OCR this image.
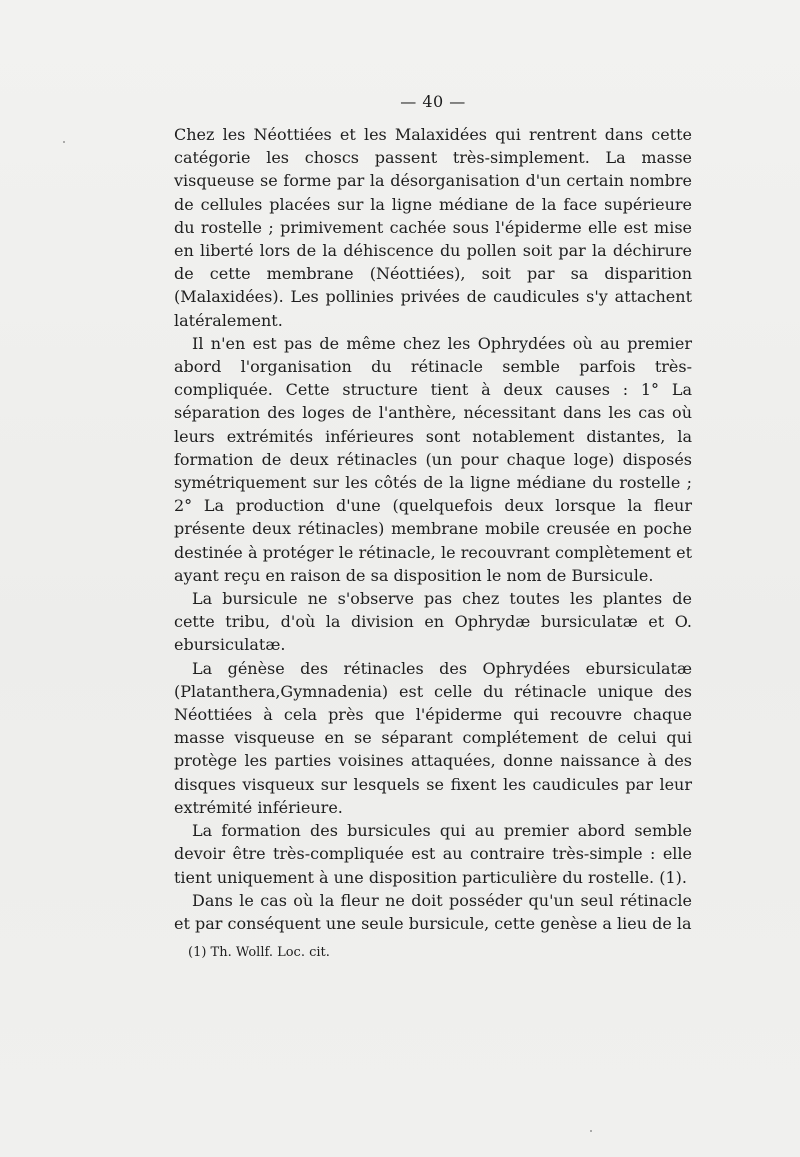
— 40 —

Chez les Néottiées et les Malaxidées qui rentrent dans cette catégorie les choscs passent très-simplement. La masse visqueuse se forme par la désorganisation d'un certain nombre de cellules placées sur la ligne médiane de la face supérieure du rostelle ; primivement cachée sous l'épiderme elle est mise en liberté lors de la déhiscence du pollen soit par la déchirure de cette membrane (Néottiées), soit par sa disparition (Malaxidées). Les pollinies privées de caudicules s'y attachent latéralement.

Il n'en est pas de même chez les Ophrydées où au premier abord l'organisation du rétinacle semble parfois très-compliquée. Cette structure tient à deux causes : 1° La séparation des loges de l'anthère, nécessitant dans les cas où leurs extrémités inférieures sont notablement distantes, la formation de deux rétinacles (un pour chaque loge) disposés symétriquement sur les côtés de la ligne médiane du rostelle ; 2° La production d'une (quelquefois deux lorsque la fleur présente deux rétinacles) membrane mobile creusée en poche destinée à protéger le rétinacle, le recouvrant complètement et ayant reçu en raison de sa disposition le nom de Bursicule.

La bursicule ne s'observe pas chez toutes les plantes de cette tribu, d'où la division en Ophrydæ bursiculatæ et O. ebursiculatæ.

La génèse des rétinacles des Ophrydées ebursiculatæ (Platanthera,Gymnadenia) est celle du rétinacle unique des Néottiées à cela près que l'épiderme qui recouvre chaque masse visqueuse en se séparant complétement de celui qui protège les parties voisines attaquées, donne naissance à des disques visqueux sur lesquels se fixent les caudicules par leur extrémité inférieure.

La formation des bursicules qui au premier abord semble devoir être très-compliquée est au contraire très-simple : elle tient uniquement à une disposition particulière du rostelle. (1).

Dans le cas où la fleur ne doit posséder qu'un seul rétinacle et par conséquent une seule bursicule, cette genèse a lieu de la

(1) Th. Wollf. Loc. cit.
